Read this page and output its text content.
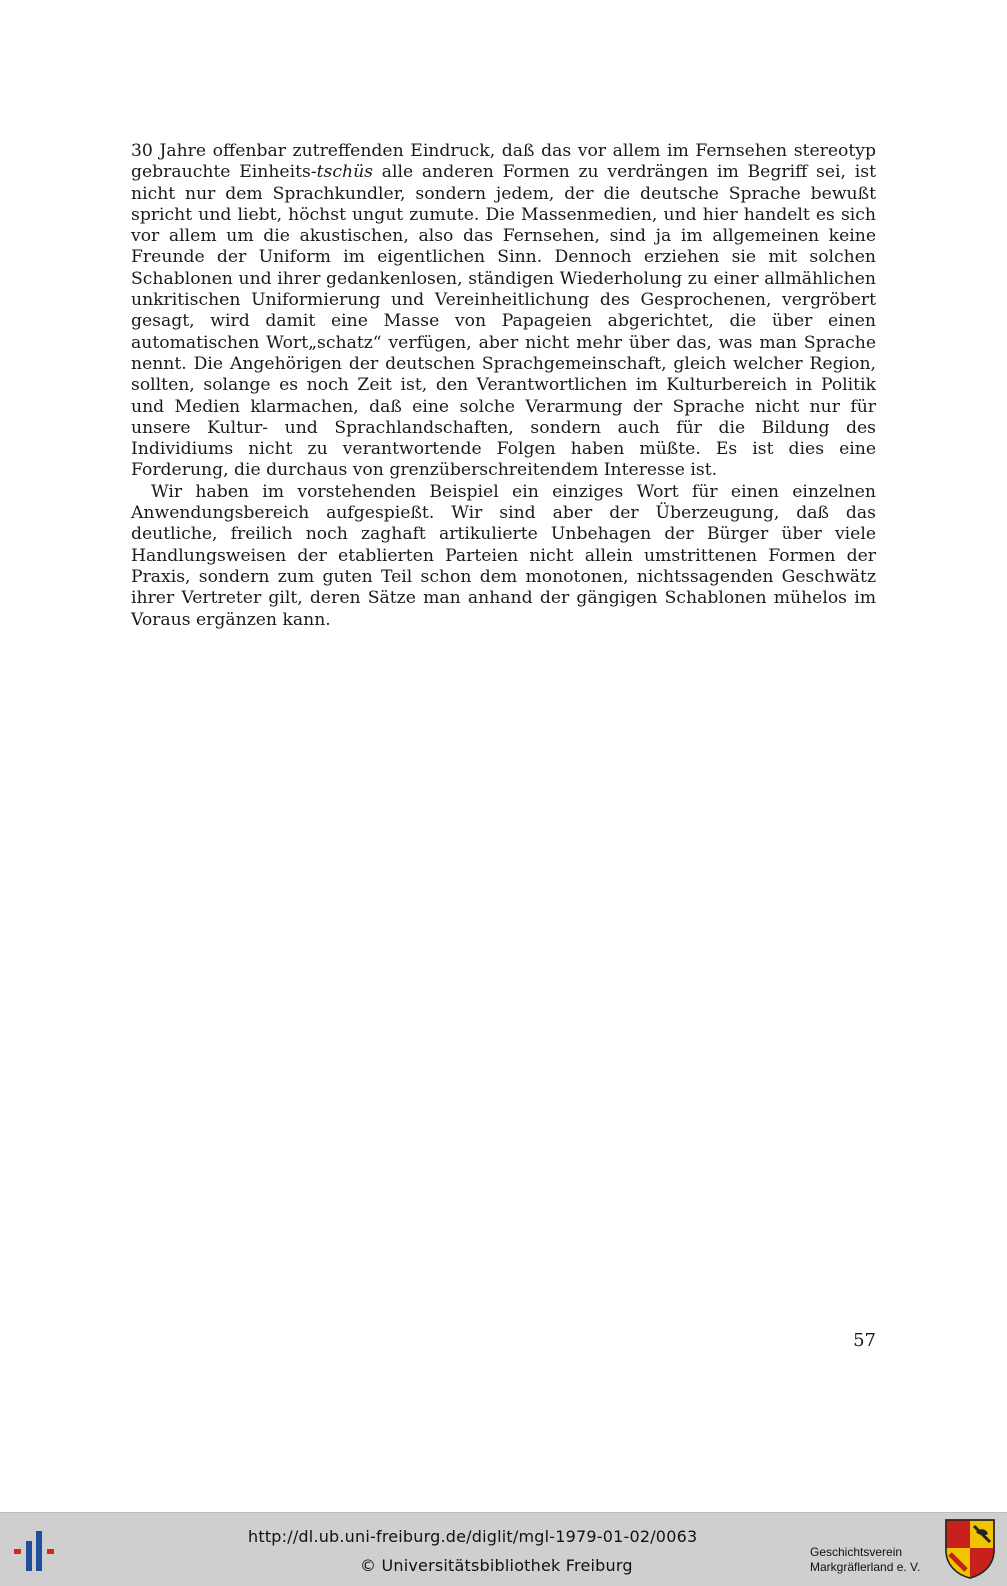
30 Jahre offenbar zutreffenden Eindruck, daß das vor allem im Fernsehen stereotyp gebrauchte Einheits-tschüs alle anderen Formen zu verdrängen im Begriff sei, ist nicht nur dem Sprachkundler, sondern jedem, der die deutsche Sprache bewußt spricht und liebt, höchst ungut zumute. Die Massenmedien, und hier handelt es sich vor allem um die akustischen, also das Fernsehen, sind ja im allgemeinen keine Freunde der Uniform im eigentlichen Sinn. Dennoch erziehen sie mit solchen Schablonen und ihrer gedankenlosen, ständigen Wiederholung zu einer allmählichen unkritischen Uniformierung und Vereinheitlichung des Gesprochenen, vergröbert gesagt, wird damit eine Masse von Papageien abgerichtet, die über einen automatischen Wort„schatz“ verfügen, aber nicht mehr über das, was man Sprache nennt. Die Angehörigen der deutschen Sprachgemeinschaft, gleich welcher Region, sollten, solange es noch Zeit ist, den Verantwortlichen im Kulturbereich in Politik und Medien klarmachen, daß eine solche Verarmung der Sprache nicht nur für unsere Kultur- und Sprachlandschaften, sondern auch für die Bildung des Individiums nicht zu verantwortende Folgen haben müßte. Es ist dies eine Forderung, die durchaus von grenzüberschreitendem Interesse ist.

Wir haben im vorstehenden Beispiel ein einziges Wort für einen einzelnen Anwendungsbereich aufgespießt. Wir sind aber der Überzeugung, daß das deutliche, freilich noch zaghaft artikulierte Unbehagen der Bürger über viele Handlungsweisen der etablierten Parteien nicht allein umstrittenen Formen der Praxis, sondern zum guten Teil schon dem monotonen, nichtssagenden Geschwätz ihrer Vertreter gilt, deren Sätze man anhand der gängigen Schablonen mühelos im Voraus ergänzen kann.

57
http://dl.ub.uni-freiburg.de/diglit/mgl-1979-01-02/0063
© Universitätsbibliothek Freiburg
Geschichtsverein
Markgräflerland e. V.
